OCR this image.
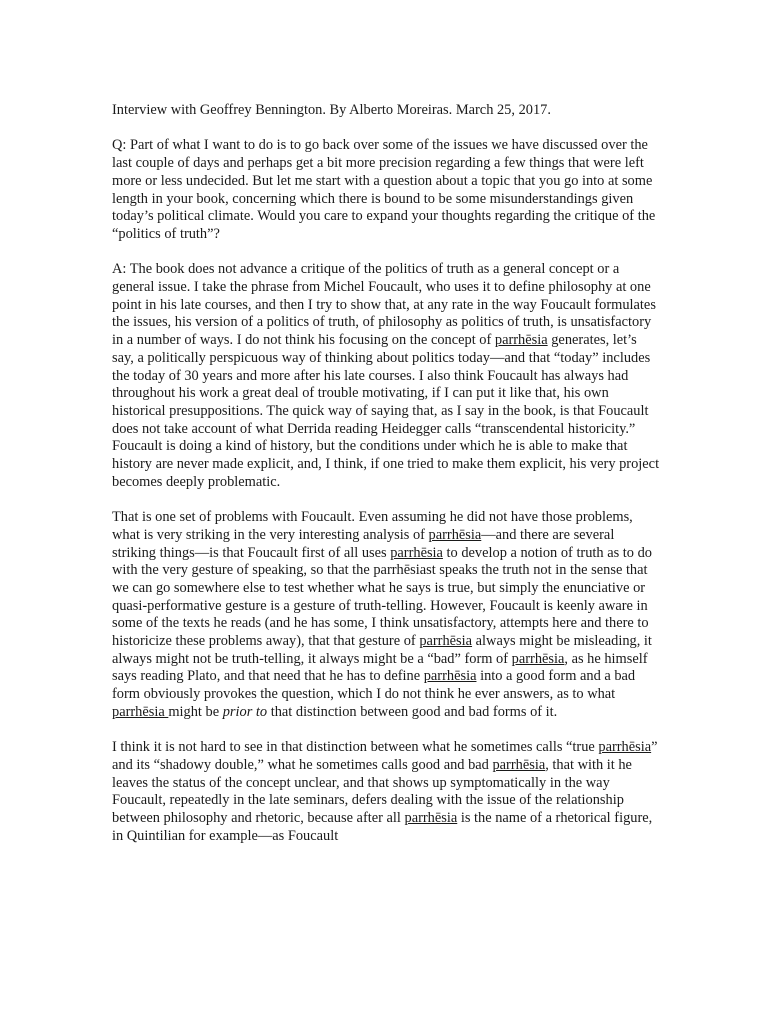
Interview with Geoffrey Bennington. By Alberto Moreiras. March 25, 2017.

Q: Part of what I want to do is to go back over some of the issues we have discussed over the last couple of days and perhaps get a bit more precision regarding a few things that were left more or less undecided. But let me start with a question about a topic that you go into at some length in your book, concerning which there is bound to be some misunderstandings given today’s political climate. Would you care to expand your thoughts regarding the critique of the “politics of truth”?

A: The book does not advance a critique of the politics of truth as a general concept or a general issue. I take the phrase from Michel Foucault, who uses it to define philosophy at one point in his late courses, and then I try to show that, at any rate in the way Foucault formulates the issues, his version of a politics of truth, of philosophy as politics of truth, is unsatisfactory in a number of ways. I do not think his focusing on the concept of parrhēsia generates, let’s say, a politically perspicuous way of thinking about politics today—and that “today” includes the today of 30 years and more after his late courses. I also think Foucault has always had throughout his work a great deal of trouble motivating, if I can put it like that, his own historical presuppositions. The quick way of saying that, as I say in the book, is that Foucault does not take account of what Derrida reading Heidegger calls “transcendental historicity.” Foucault is doing a kind of history, but the conditions under which he is able to make that history are never made explicit, and, I think, if one tried to make them explicit, his very project becomes deeply problematic.

That is one set of problems with Foucault. Even assuming he did not have those problems, what is very striking in the very interesting analysis of parrhēsia—and there are several striking things—is that Foucault first of all uses parrhēsia to develop a notion of truth as to do with the very gesture of speaking, so that the parrhēsiast speaks the truth not in the sense that we can go somewhere else to test whether what he says is true, but simply the enunciative or quasi-performative gesture is a gesture of truth-telling. However, Foucault is keenly aware in some of the texts he reads (and he has some, I think unsatisfactory, attempts here and there to historicize these problems away), that that gesture of parrhēsia always might be misleading, it always might not be truth-telling, it always might be a “bad” form of parrhēsia, as he himself says reading Plato, and that need that he has to define parrhēsia into a good form and a bad form obviously provokes the question, which I do not think he ever answers, as to what parrhēsia might be prior to that distinction between good and bad forms of it.

I think it is not hard to see in that distinction between what he sometimes calls “true parrhēsia” and its “shadowy double,” what he sometimes calls good and bad parrhēsia, that with it he leaves the status of the concept unclear, and that shows up symptomatically in the way Foucault, repeatedly in the late seminars, defers dealing with the issue of the relationship between philosophy and rhetoric, because after all parrhēsia is the name of a rhetorical figure, in Quintilian for example—as Foucault
